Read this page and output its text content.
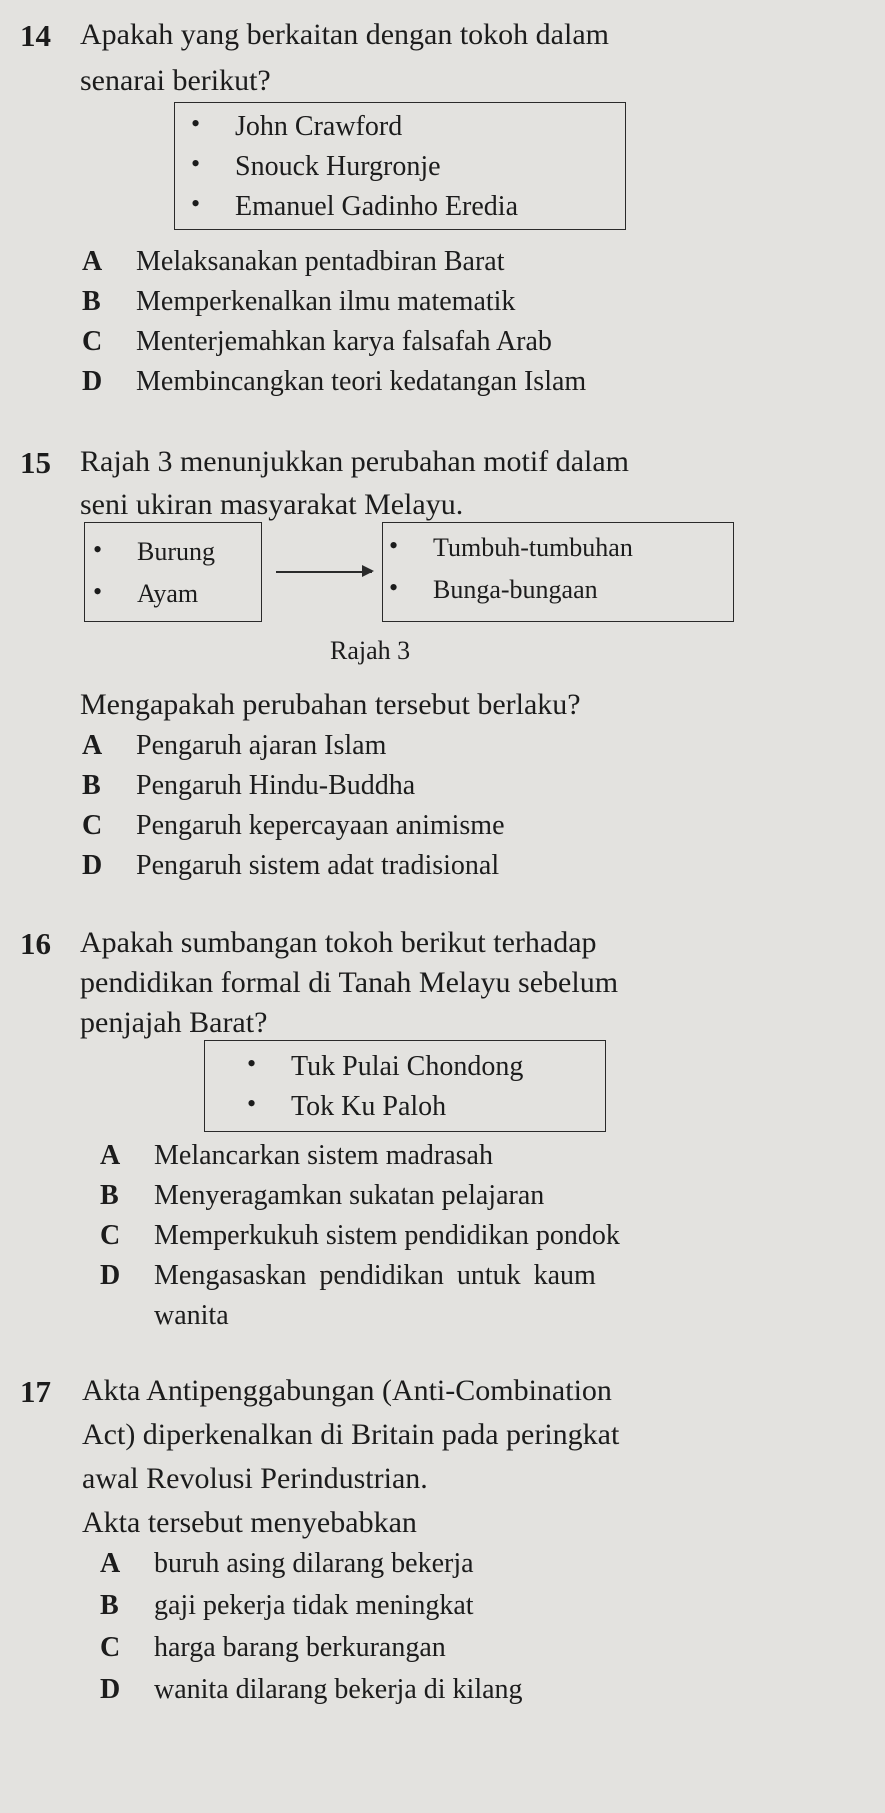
14 Apakah yang berkaitan dengan tokoh dalam
senarai berikut?
• John Crawford
• Snouck Hurgronje
• Emanuel Gadinho Eredia
A Melaksanakan pentadbiran Barat
B Memperkenalkan ilmu matematik
C Menterjemahkan karya falsafah Arab
D Membincangkan teori kedatangan Islam
15 Rajah 3 menunjukkan perubahan motif dalam
seni ukiran masyarakat Melayu.
• Burung
• Ayam
• Tumbuh-tumbuhan
• Bunga-bungaan
Rajah 3
Mengapakah perubahan tersebut berlaku?
A Pengaruh ajaran Islam
B Pengaruh Hindu-Buddha
C Pengaruh kepercayaan animisme
D Pengaruh sistem adat tradisional
16 Apakah sumbangan tokoh berikut terhadap
pendidikan formal di Tanah Melayu sebelum
penjajah Barat?
• Tuk Pulai Chondong
• Tok Ku Paloh
A Melancarkan sistem madrasah
B Menyeragamkan sukatan pelajaran
C Memperkukuh sistem pendidikan pondok
D Mengasaskan pendidikan untuk kaum
wanita
17 Akta Antipenggabungan (Anti-Combination
Act) diperkenalkan di Britain pada peringkat
awal Revolusi Perindustrian.
Akta tersebut menyebabkan
A buruh asing dilarang bekerja
B gaji pekerja tidak meningkat
C harga barang berkurangan
D wanita dilarang bekerja di kilang
